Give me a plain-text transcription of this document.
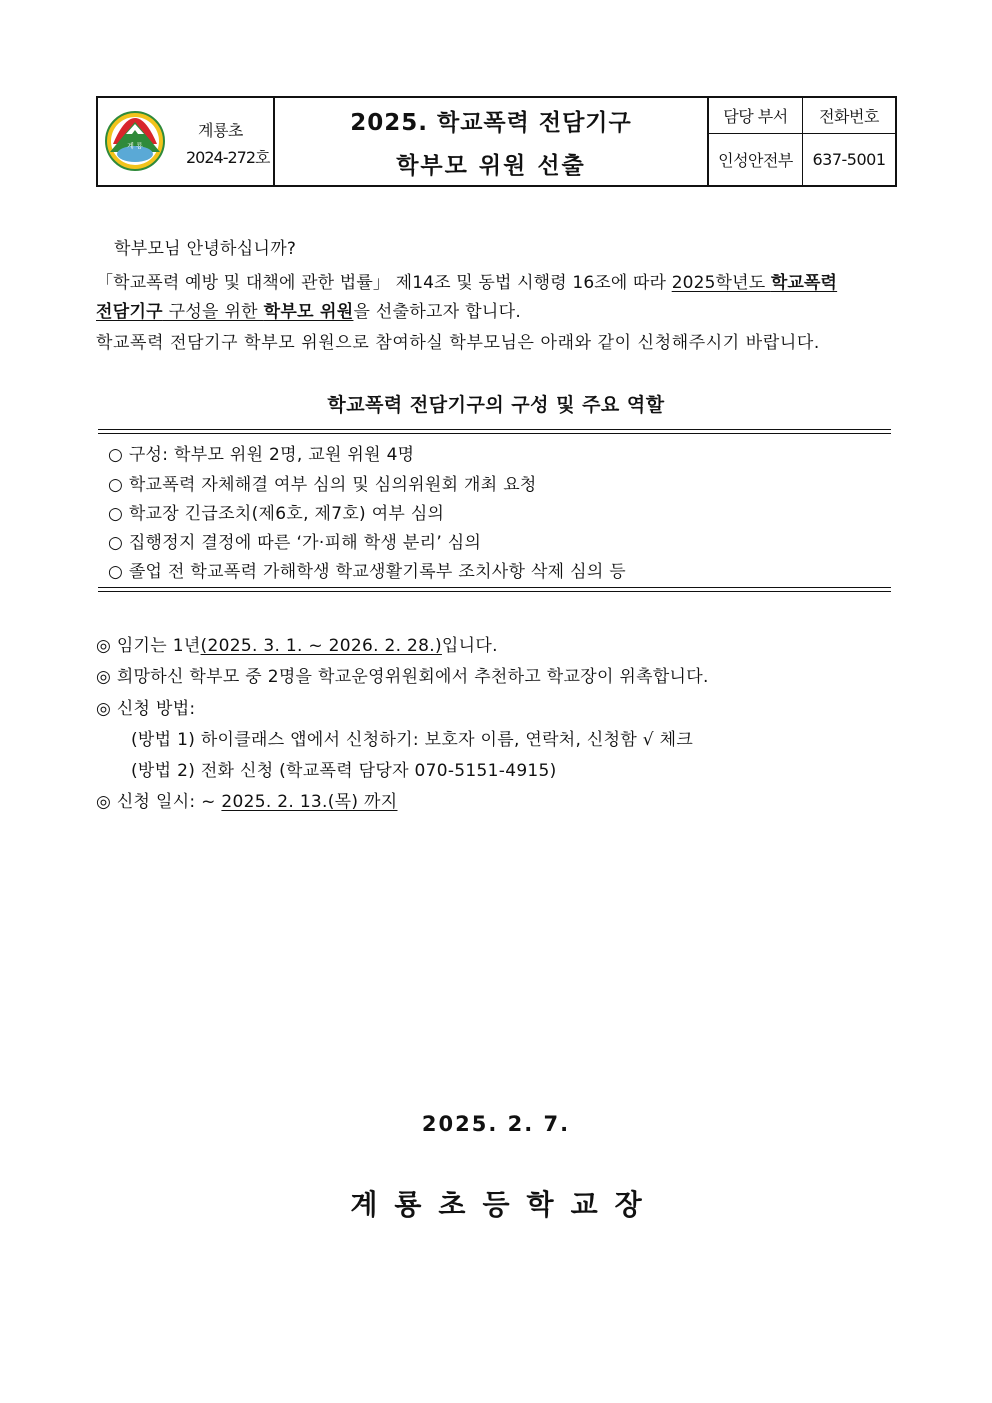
계 룡
계룡초
2024-272호
2025. 학교폭력 전담기구
학부모 위원 선출
담당 부서	전화번호
인성안전부	637-5001
학부모님 안녕하십니까?
「학교폭력 예방 및 대책에 관한 법률」 제14조 및 동법 시행령 16조에 따라 2025학년도 학교폭력
전담기구 구성을 위한 학부모 위원을 선출하고자 합니다.
학교폭력 전담기구 학부모 위원으로 참여하실 학부모님은 아래와 같이 신청해주시기 바랍니다.
학교폭력 전담기구의 구성 및 주요 역할
○ 구성: 학부모 위원 2명, 교원 위원 4명
○ 학교폭력 자체해결 여부 심의 및 심의위원회 개최 요청
○ 학교장 긴급조치(제6호, 제7호) 여부 심의
○ 집행정지 결정에 따른 ‘가·피해 학생 분리’ 심의
○ 졸업 전 학교폭력 가해학생 학교생활기록부 조치사항 삭제 심의 등
◎ 임기는 1년(2025. 3. 1. ~ 2026. 2. 28.)입니다.
◎ 희망하신 학부모 중 2명을 학교운영위원회에서 추천하고 학교장이 위촉합니다.
◎ 신청 방법:
(방법 1) 하이클래스 앱에서 신청하기: 보호자 이름, 연락처, 신청함 √ 체크
(방법 2) 전화 신청 (학교폭력 담당자 070-5151-4915)
◎ 신청 일시: ~ 2025. 2. 13.(목) 까지
2025. 2. 7.
계룡초등학교장
